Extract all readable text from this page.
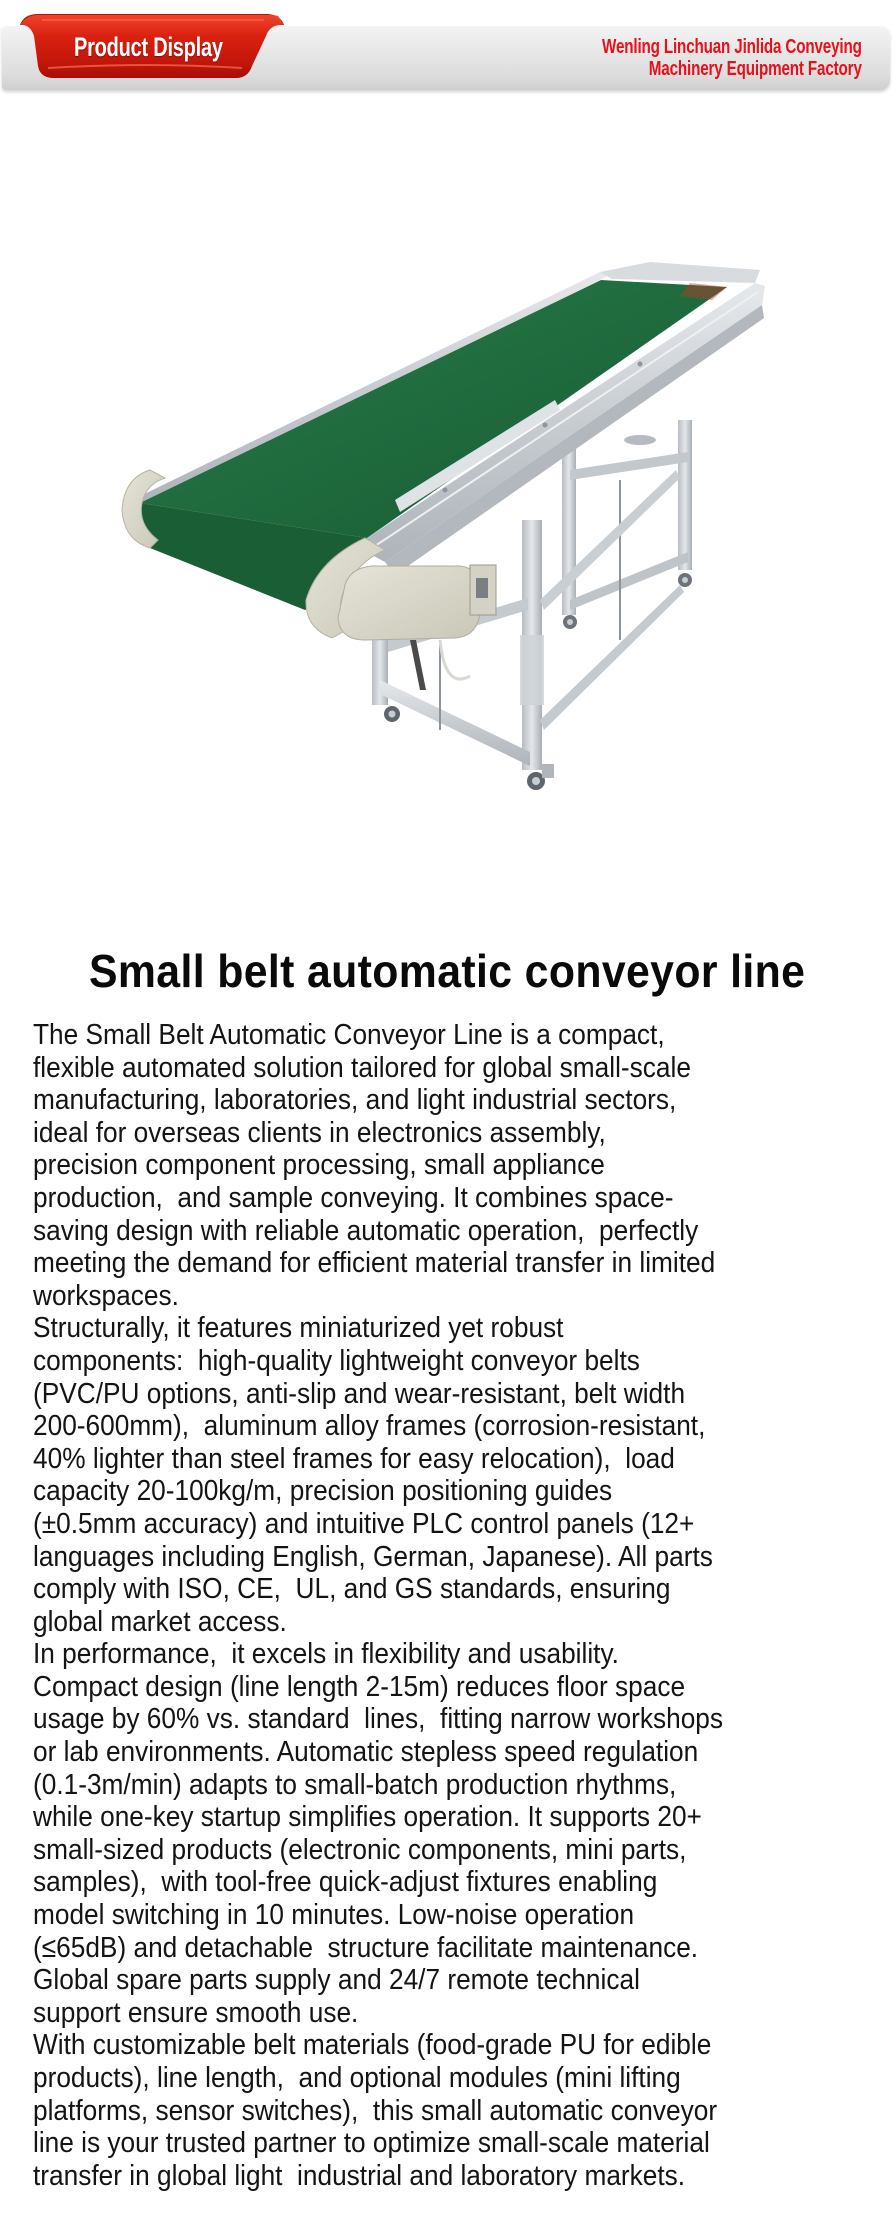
Product Display	Wenling Linchuan Jinlida Conveying
Machinery Equipment Factory
Small belt automatic conveyor line
The Small Belt Automatic Conveyor Line is a compact,
flexible automated solution tailored for global small-scale
manufacturing, laboratories, and light industrial sectors,
ideal for overseas clients in electronics assembly,
precision component processing, small appliance
production,  and sample conveying. It combines space-
saving design with reliable automatic operation,  perfectly
meeting the demand for efficient material transfer in limited
workspaces.
Structurally, it features miniaturized yet robust
components:  high-quality lightweight conveyor belts
(PVC/PU options, anti-slip and wear-resistant, belt width
200-600mm),  aluminum alloy frames (corrosion-resistant,
40% lighter than steel frames for easy relocation),  load
capacity 20-100kg/m, precision positioning guides
(±0.5mm accuracy) and intuitive PLC control panels (12+
languages including English, German, Japanese). All parts
comply with ISO, CE,  UL, and GS standards, ensuring
global market access.
In performance,  it excels in flexibility and usability.
Compact design (line length 2-15m) reduces floor space
usage by 60% vs. standard  lines,  fitting narrow workshops
or lab environments. Automatic stepless speed regulation
(0.1-3m/min) adapts to small-batch production rhythms,
while one-key startup simplifies operation. It supports 20+
small-sized products (electronic components, mini parts,
samples),  with tool-free quick-adjust fixtures enabling
model switching in 10 minutes. Low-noise operation
(≤65dB) and detachable  structure facilitate maintenance.
Global spare parts supply and 24/7 remote technical
support ensure smooth use.
With customizable belt materials (food-grade PU for edible
products), line length,  and optional modules (mini lifting
platforms, sensor switches),  this small automatic conveyor
line is your trusted partner to optimize small-scale material
transfer in global light  industrial and laboratory markets.
